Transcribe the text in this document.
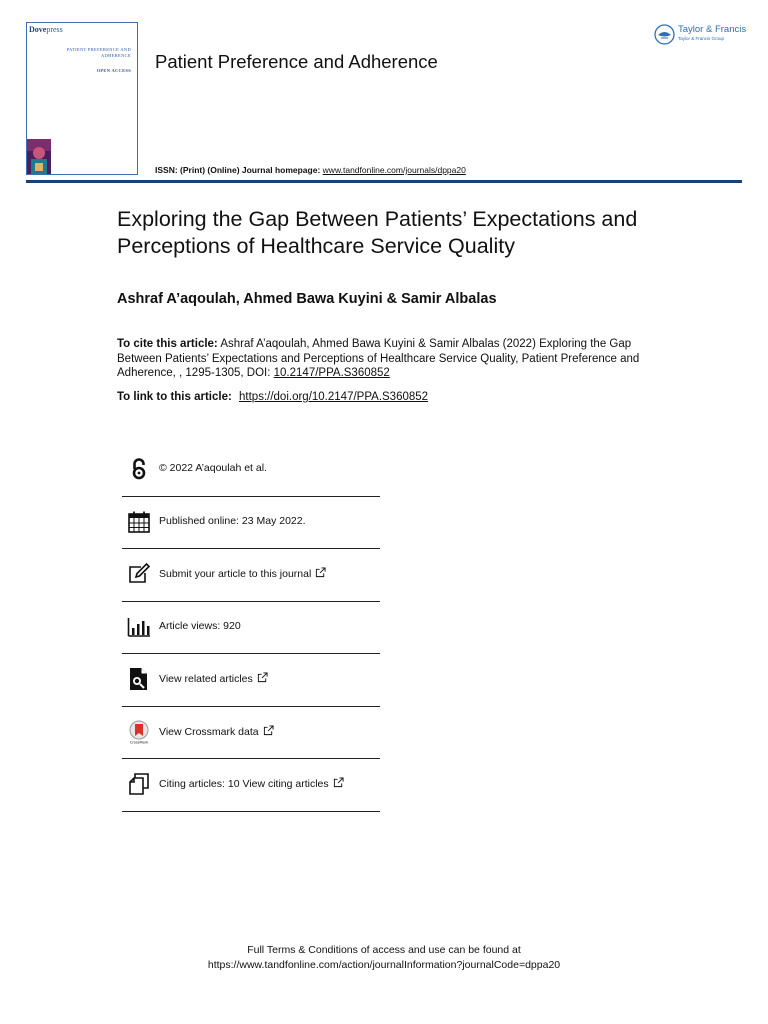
Dovepress
PATIENT PREFERENCE AND
ADHERENCE
OPEN ACCESS Patient Preference and Adherence
Taylor & Francis
Taylor & Francis Group
ISSN: (Print) (Online) Journal homepage: www.tandfonline.com/journals/dppa20
Exploring the Gap Between Patients’ Expectations and Perceptions of Healthcare Service Quality
Ashraf A’aqoulah, Ahmed Bawa Kuyini & Samir Albalas
To cite this article: Ashraf A’aqoulah, Ahmed Bawa Kuyini & Samir Albalas (2022) Exploring the Gap Between Patients’ Expectations and Perceptions of Healthcare Service Quality, Patient Preference and Adherence, , 1295-1305, DOI: 10.2147/PPA.S360852
To link to this article: https://doi.org/10.2147/PPA.S360852
© 2022 A’aqoulah et al.
Published online: 23 May 2022.
Submit your article to this journal
Article views: 920
View related articles
CrossMark
View Crossmark data
Citing articles: 10 View citing articles
Full Terms & Conditions of access and use can be found at
https://www.tandfonline.com/action/journalInformation?journalCode=dppa20
